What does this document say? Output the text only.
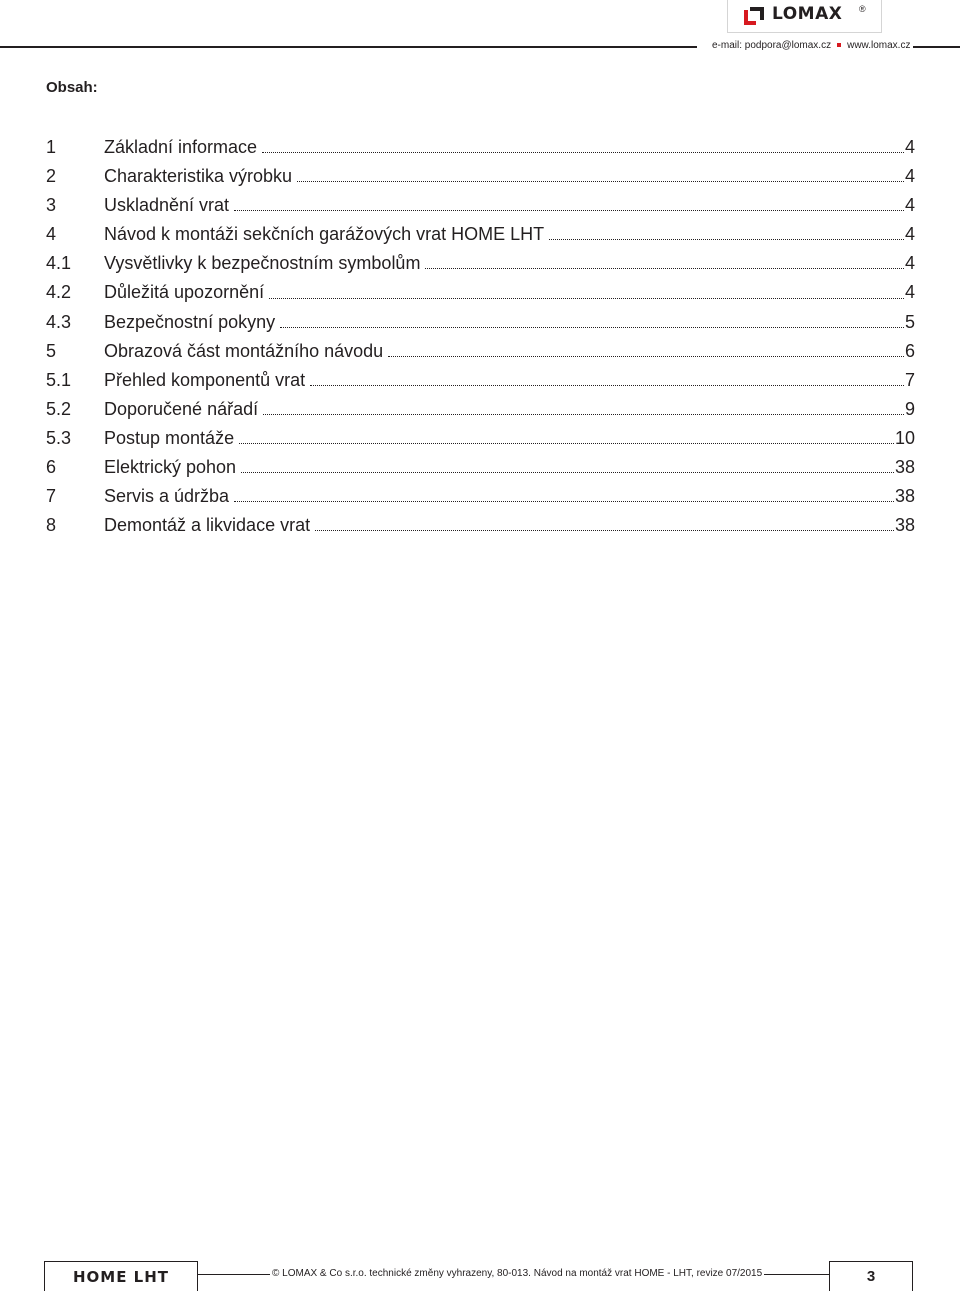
LOMAX ®
e-mail: podpora@lomax.cz www.lomax.cz
Obsah:
1	Základní informace	4
2	Charakteristika výrobku	4
3	Uskladnění vrat	4
4	Návod k montáži sekčních garážových vrat HOME LHT	4
4.1	Vysvětlivky k bezpečnostním symbolům	4
4.2	Důležitá upozornění	4
4.3	Bezpečnostní pokyny	5
5	Obrazová část montážního návodu	6
5.1	Přehled komponentů vrat	7
5.2	Doporučené nářadí	9
5.3	Postup montáže	10
6	Elektrický pohon	38
7	Servis a údržba	38
8	Demontáž a likvidace vrat	38
HOME LHT	© LOMAX & Co s.r.o. technické změny vyhrazeny, 80-013. Návod na montáž vrat HOME - LHT, revize 07/2015	3
